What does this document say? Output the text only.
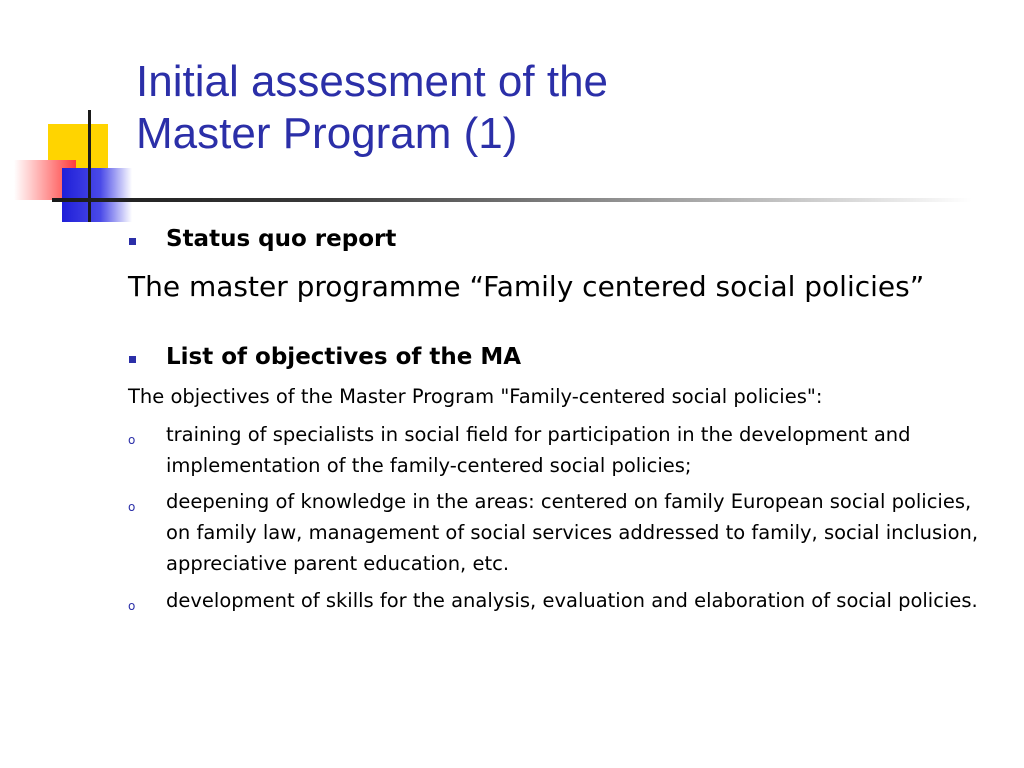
Initial assessment of the
Master Program (1)
Status quo report
The master programme “Family centered social policies”
List of objectives of the MA
The objectives of the Master Program "Family-centered social policies":
o training of specialists in social field for participation in the development and implementation of the family-centered social policies;
o deepening of knowledge in the areas: centered on family European social policies, on family law, management of social services addressed to family, social inclusion, appreciative parent education, etc.
o development of skills for the analysis, evaluation and elaboration of social policies.
